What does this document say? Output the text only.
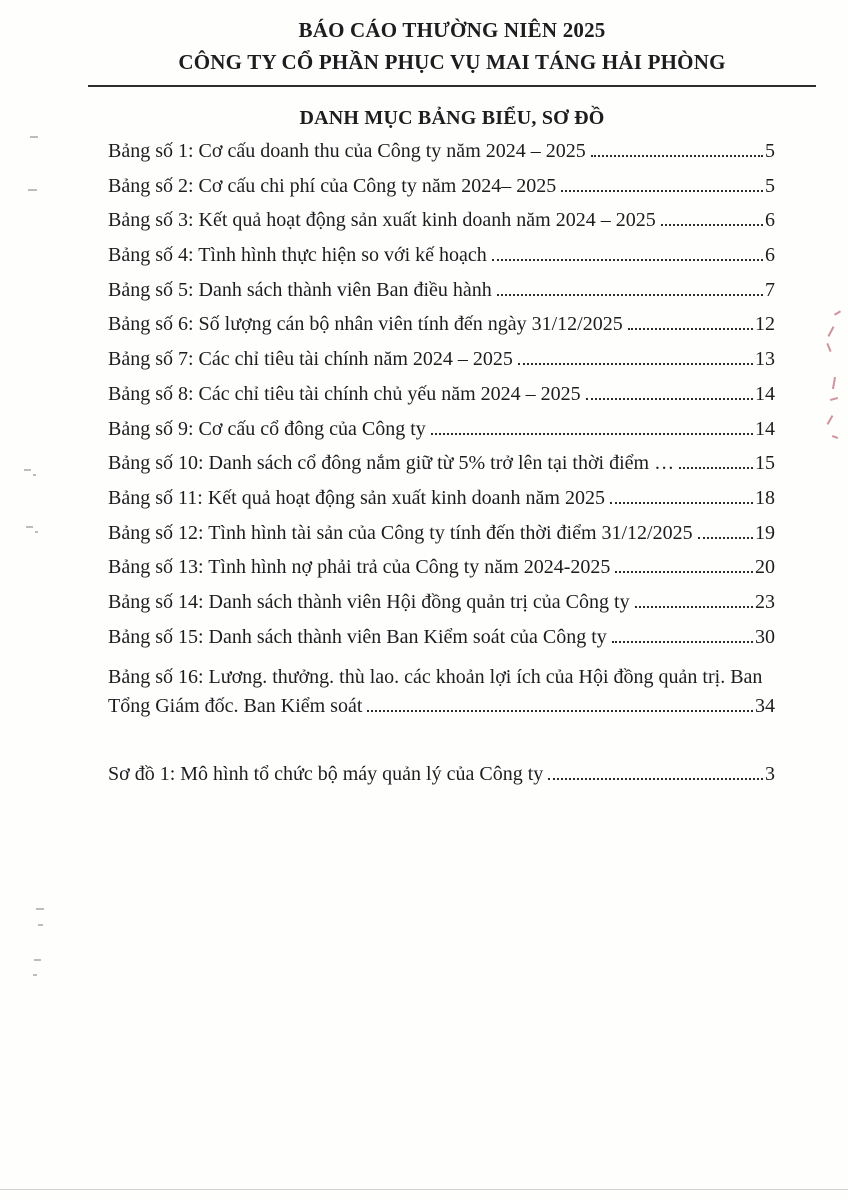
BÁO CÁO THƯỜNG NIÊN 2025
CÔNG TY CỔ PHẦN PHỤC VỤ MAI TÁNG HẢI PHÒNG
DANH MỤC BẢNG BIỂU, SƠ ĐỒ
Bảng số 1: Cơ cấu doanh thu của Công ty năm 2024 – 2025	5
Bảng số 2: Cơ cấu chi phí của Công ty năm 2024– 2025	5
Bảng số 3: Kết quả hoạt động sản xuất kinh doanh năm 2024 – 2025	6
Bảng số 4: Tình hình thực hiện so với kế hoạch	6
Bảng số 5: Danh sách thành viên Ban điều hành	7
Bảng số 6: Số lượng cán bộ nhân viên tính đến ngày 31/12/2025	12
Bảng số 7: Các chỉ tiêu tài chính năm 2024 – 2025	13
Bảng số 8: Các chỉ tiêu tài chính chủ yếu năm 2024 – 2025	14
Bảng số 9: Cơ cấu cổ đông của Công ty	14
Bảng số 10: Danh sách cổ đông nắm giữ từ 5% trở lên tại thời điểm …	15
Bảng số 11: Kết quả hoạt động sản xuất kinh doanh năm 2025	18
Bảng số 12: Tình hình tài sản của Công ty tính đến thời điểm 31/12/2025	19
Bảng số 13: Tình hình nợ phải trả của Công ty năm 2024-2025	20
Bảng số 14: Danh sách thành viên Hội đồng quản trị của Công ty	23
Bảng số 15: Danh sách thành viên Ban Kiểm soát của Công ty	30
Bảng số 16: Lương. thưởng. thù lao. các khoản lợi ích của Hội đồng quản trị. Ban
Tổng Giám đốc. Ban Kiểm soát	34
Sơ đồ 1: Mô hình tổ chức bộ máy quản lý của Công ty	3
